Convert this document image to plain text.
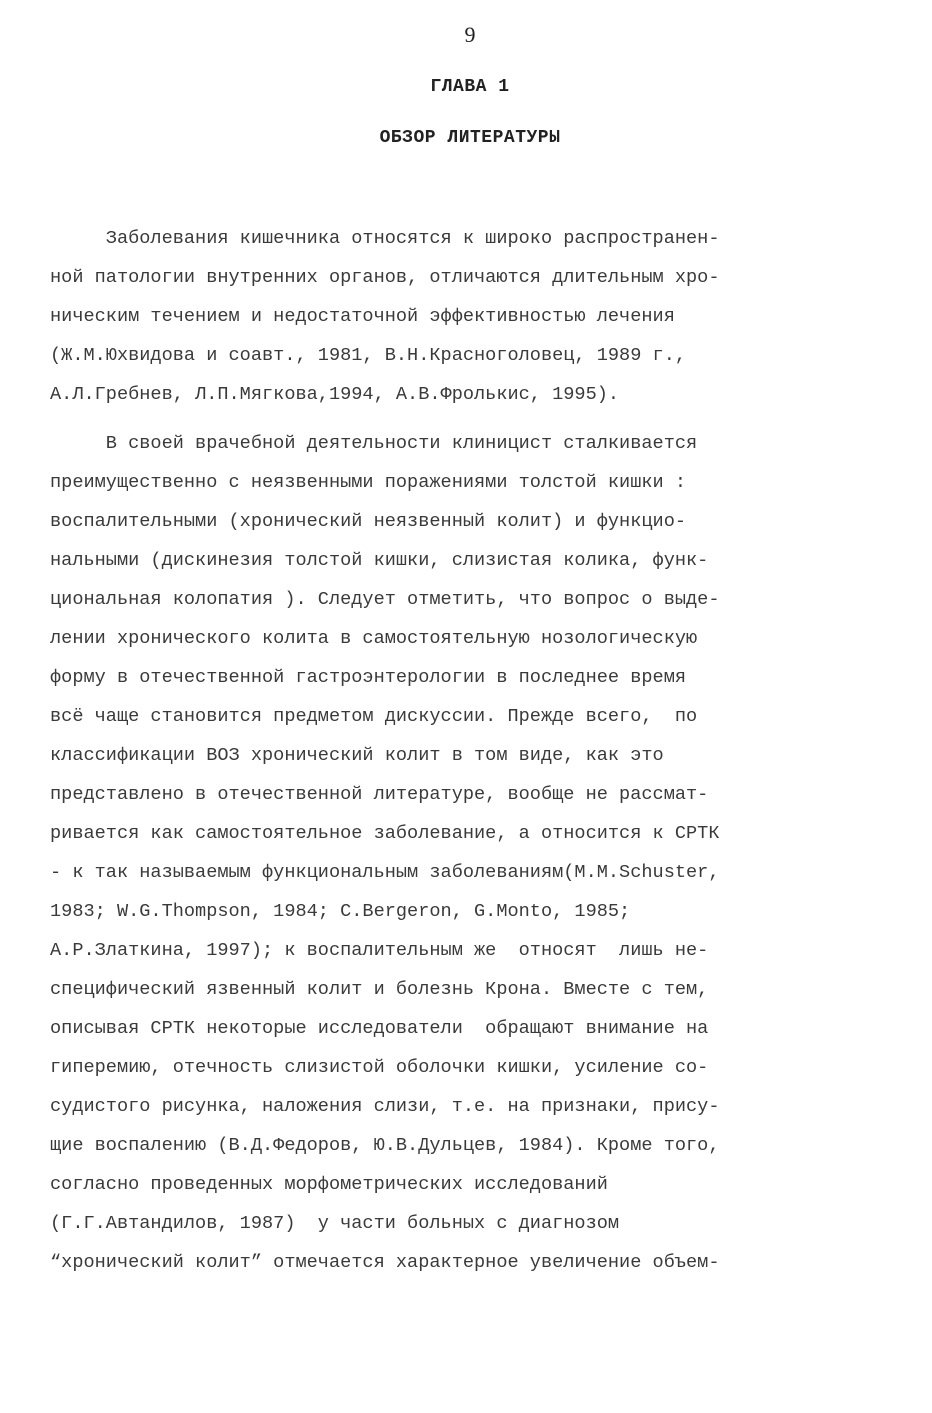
9
ГЛАВА 1
ОБЗОР ЛИТЕРАТУРЫ
Заболевания кишечника относятся к широко распространен-
ной патологии внутренних органов, отличаются длительным хро-
ническим течением и недостаточной эффективностью лечения
(Ж.М.Юхвидова и соавт., 1981, В.Н.Красноголовец, 1989 г.,
А.Л.Гребнев, Л.П.Мягкова,1994, А.В.Фролькис, 1995).
В своей врачебной деятельности клиницист сталкивается
преимущественно с неязвенными поражениями толстой кишки :
воспалительными (хронический неязвенный колит) и функцио-
нальными (дискинезия толстой кишки, слизистая колика, функ-
циональная колопатия ). Следует отметить, что вопрос о выде-
лении хронического колита в самостоятельную нозологическую
форму в отечественной гастроэнтерологии в последнее время
всё чаще становится предметом дискуссии. Прежде всего,  по
классификации ВОЗ хронический колит в том виде, как это
представлено в отечественной литературе, вообще не рассмат-
ривается как самостоятельное заболевание, а относится к СРТК
- к так называемым функциональным заболеваниям(M.M.Schuster,
1983; W.G.Thompson, 1984; C.Bergeron, G.Monto, 1985;
А.Р.Златкина, 1997); к воспалительным же  относят  лишь не-
специфический язвенный колит и болезнь Крона. Вместе с тем,
описывая СРТК некоторые исследователи  обращают внимание на
гиперемию, отечность слизистой оболочки кишки, усиление со-
судистого рисунка, наложения слизи, т.е. на признаки, прису-
щие воспалению (В.Д.Федоров, Ю.В.Дульцев, 1984). Кроме того,
согласно проведенных морфометрических исследований
(Г.Г.Автандилов, 1987)  у части больных с диагнозом
“хронический колит” отмечается характерное увеличение объем-
